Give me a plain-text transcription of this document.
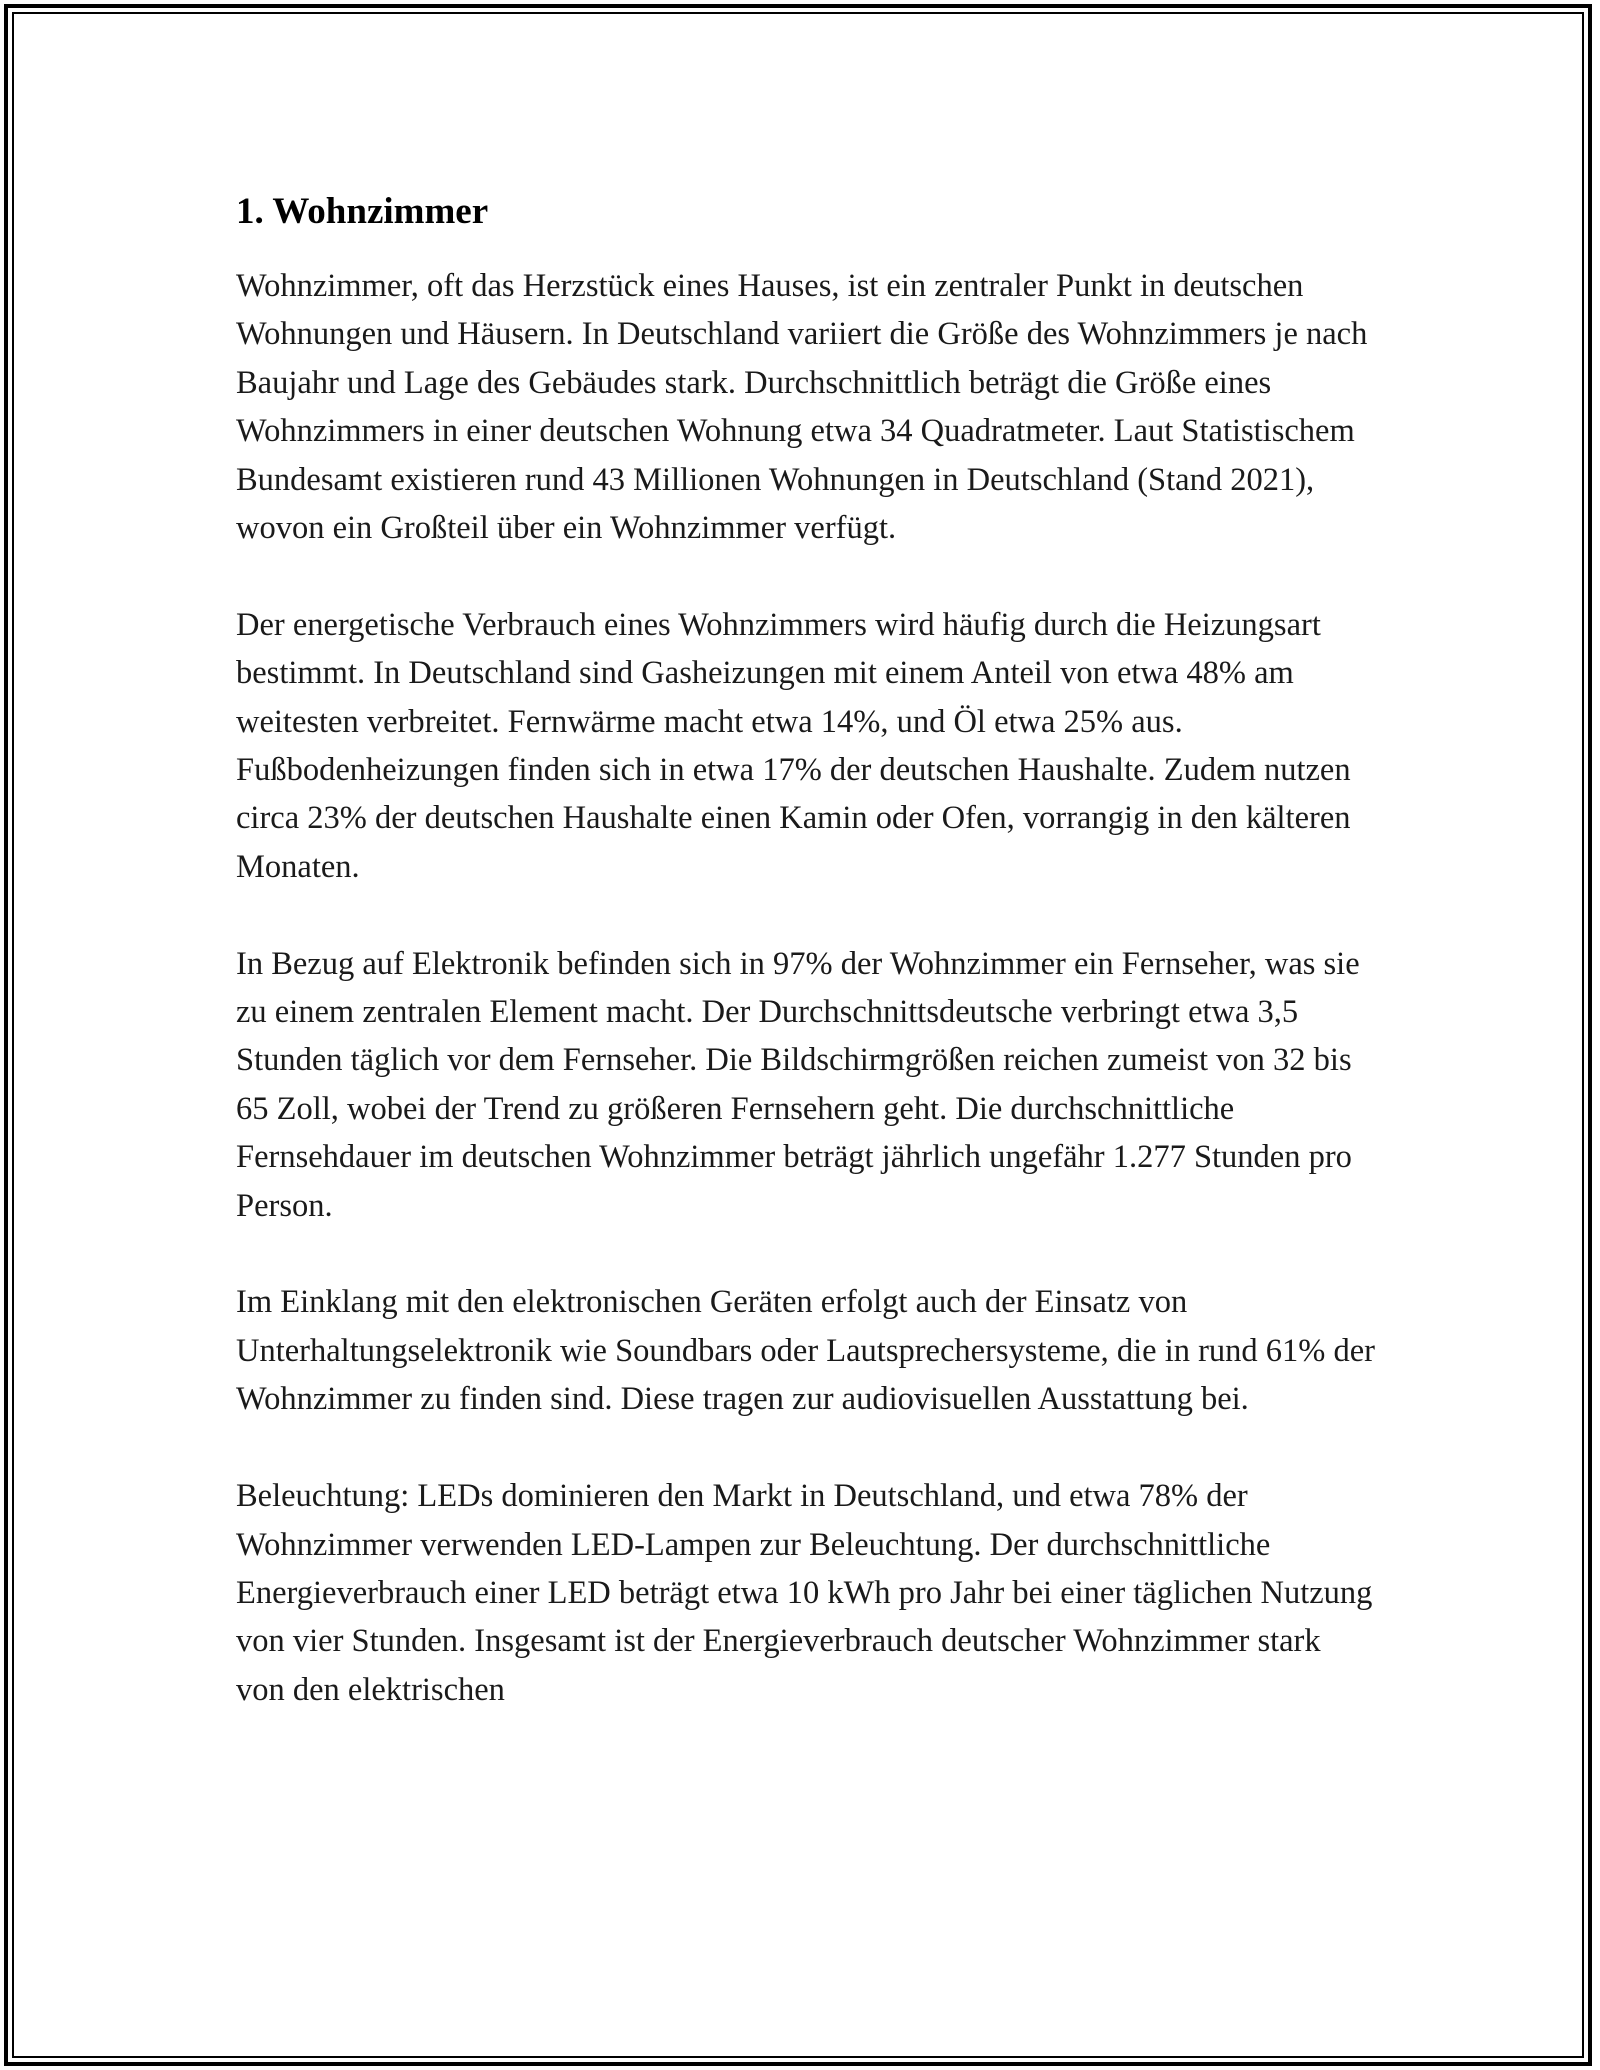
1. Wohnzimmer

Wohnzimmer, oft das Herzstück eines Hauses, ist ein zentraler Punkt in deutschen Wohnungen und Häusern. In Deutschland variiert die Größe des Wohnzimmers je nach Baujahr und Lage des Gebäudes stark. Durchschnittlich beträgt die Größe eines Wohnzimmers in einer deutschen Wohnung etwa 34 Quadratmeter. Laut Statistischem Bundesamt existieren rund 43 Millionen Wohnungen in Deutschland (Stand 2021), wovon ein Großteil über ein Wohnzimmer verfügt.

Der energetische Verbrauch eines Wohnzimmers wird häufig durch die Heizungsart bestimmt. In Deutschland sind Gasheizungen mit einem Anteil von etwa 48% am weitesten verbreitet. Fernwärme macht etwa 14%, und Öl etwa 25% aus. Fußbodenheizungen finden sich in etwa 17% der deutschen Haushalte. Zudem nutzen circa 23% der deutschen Haushalte einen Kamin oder Ofen, vorrangig in den kälteren Monaten.

In Bezug auf Elektronik befinden sich in 97% der Wohnzimmer ein Fernseher, was sie zu einem zentralen Element macht. Der Durchschnittsdeutsche verbringt etwa 3,5 Stunden täglich vor dem Fernseher. Die Bildschirmgrößen reichen zumeist von 32 bis 65 Zoll, wobei der Trend zu größeren Fernsehern geht. Die durchschnittliche Fernsehdauer im deutschen Wohnzimmer beträgt jährlich ungefähr 1.277 Stunden pro Person.

Im Einklang mit den elektronischen Geräten erfolgt auch der Einsatz von Unterhaltungselektronik wie Soundbars oder Lautsprechersysteme, die in rund 61% der Wohnzimmer zu finden sind. Diese tragen zur audiovisuellen Ausstattung bei.

Beleuchtung: LEDs dominieren den Markt in Deutschland, und etwa 78% der Wohnzimmer verwenden LED-Lampen zur Beleuchtung. Der durchschnittliche Energieverbrauch einer LED beträgt etwa 10 kWh pro Jahr bei einer täglichen Nutzung von vier Stunden. Insgesamt ist der Energieverbrauch deutscher Wohnzimmer stark von den elektrischen
